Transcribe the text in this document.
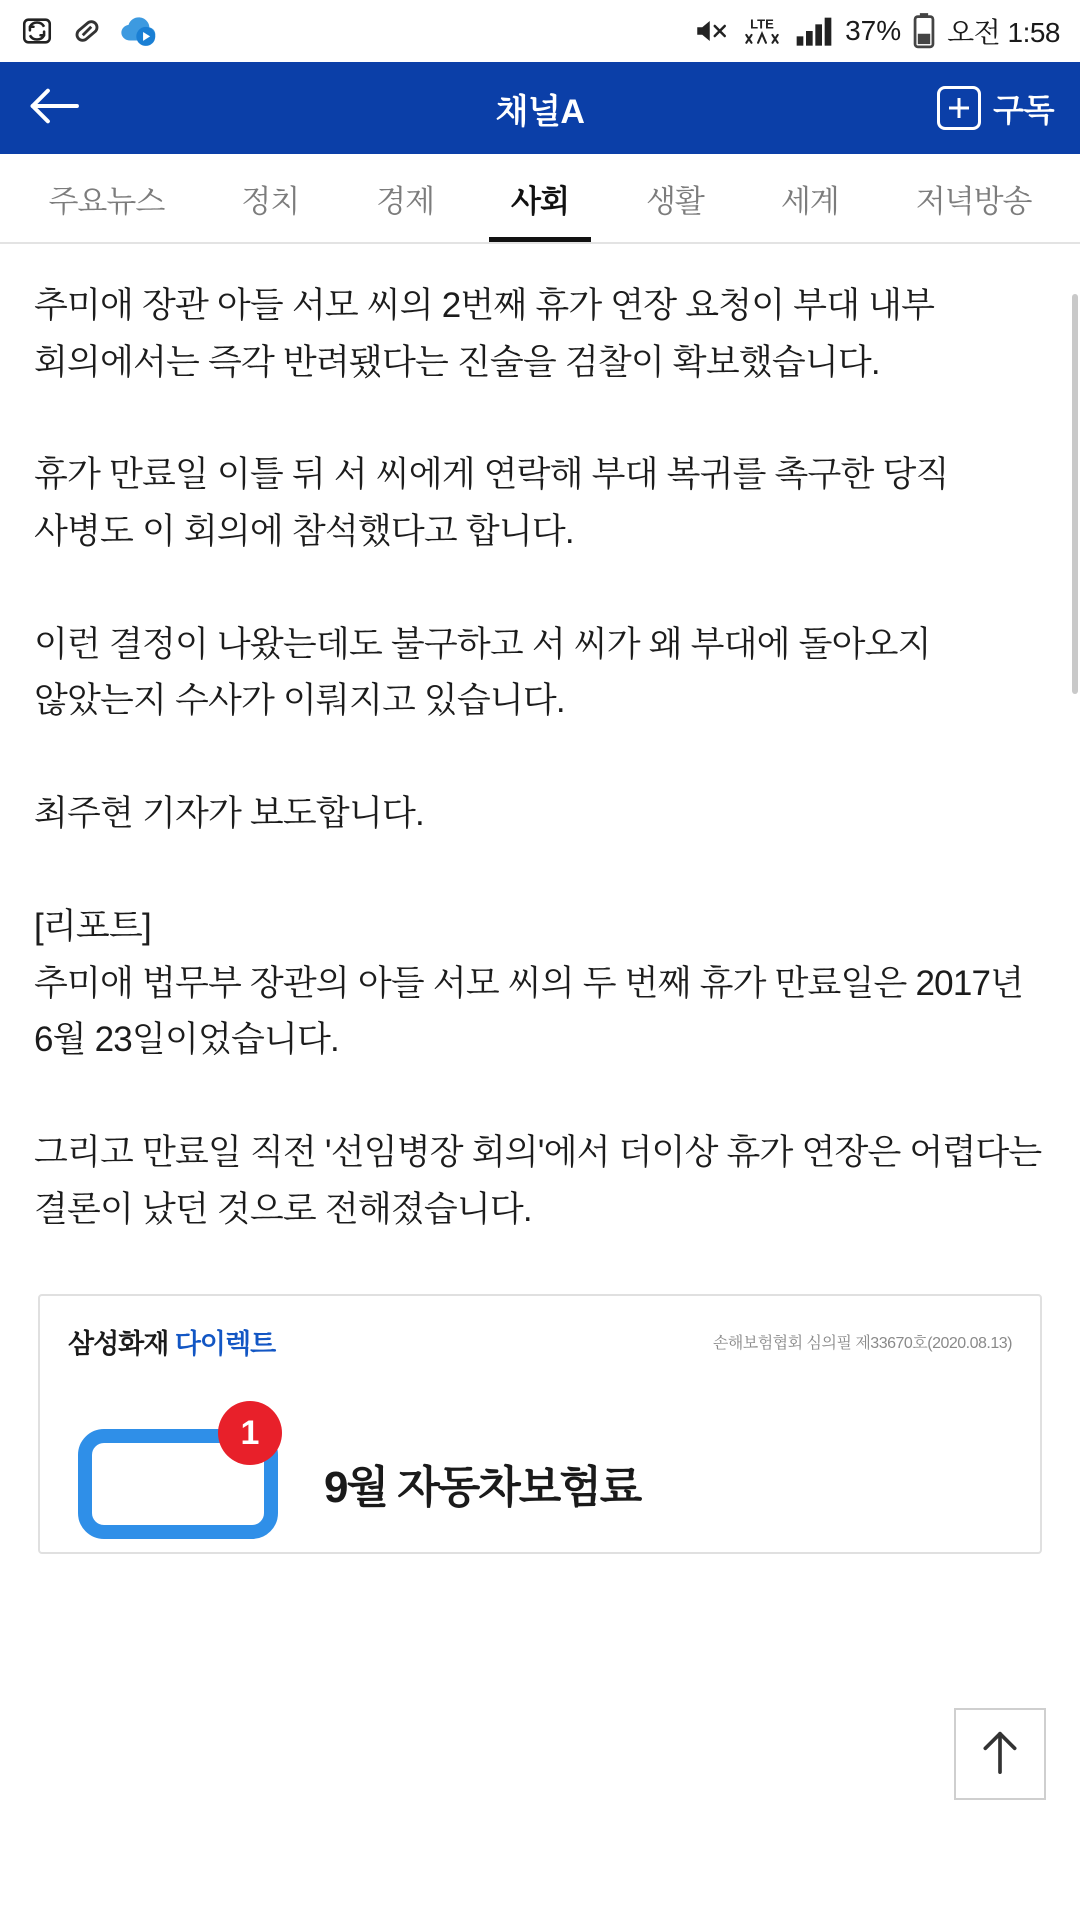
LTE	37% 오전 1:58
채널A	구독
주요뉴스	정치	경제	사회	생활	세계	저녁방송

추미애 장관 아들 서모 씨의 2번째 휴가 연장 요청이 부대 내부 회의에서는 즉각 반려됐다는 진술을 검찰이 확보했습니다.

휴가 만료일 이틀 뒤 서 씨에게 연락해 부대 복귀를 촉구한 당직 사병도 이 회의에 참석했다고 합니다.

이런 결정이 나왔는데도 불구하고 서 씨가 왜 부대에 돌아오지 않았는지 수사가 이뤄지고 있습니다.

최주현 기자가 보도합니다.

[리포트]

추미애 법무부 장관의 아들 서모 씨의 두 번째 휴가 만료일은 2017년 6월 23일이었습니다.

그리고 만료일 직전 '선임병장 회의'에서 더이상 휴가 연장은 어렵다는 결론이 났던 것으로 전해졌습니다.

삼성화재 다이렉트	손해보험협회 심의필 제33670호(2020.08.13)
1
9월 자동차보험료
